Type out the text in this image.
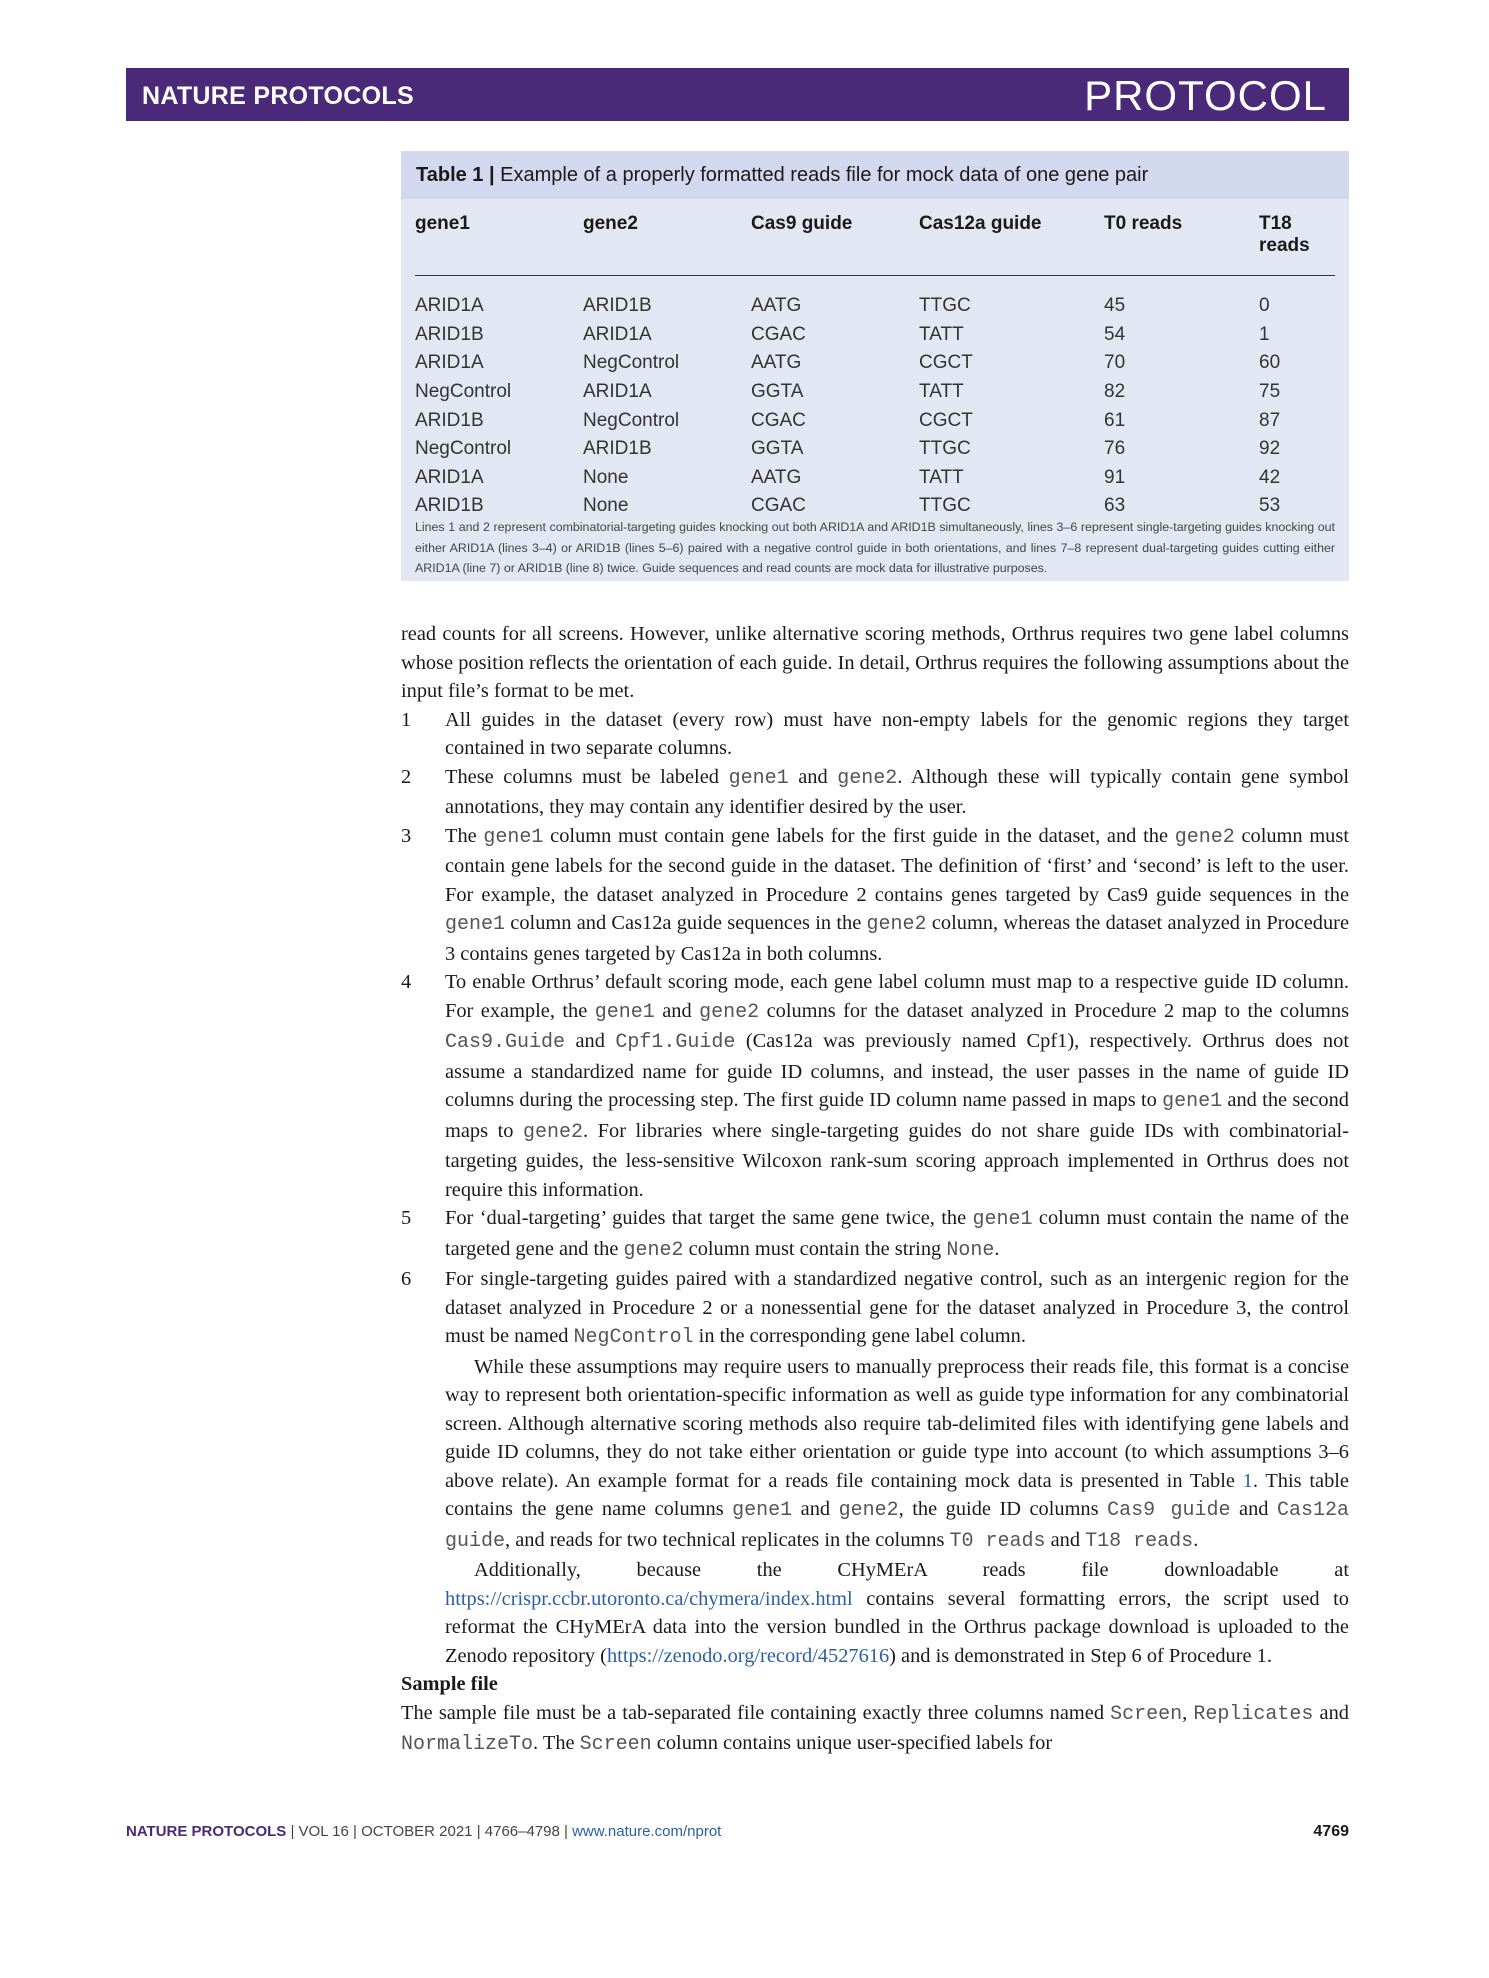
NATURE PROTOCOLS	PROTOCOL
Table 1 | Example of a properly formatted reads file for mock data of one gene pair
gene1	gene2	Cas9 guide	Cas12a guide	T0 reads	T18 reads
ARID1A	ARID1B	AATG	TTGC	45	0
ARID1B	ARID1A	CGAC	TATT	54	1
ARID1A	NegControl	AATG	CGCT	70	60
NegControl	ARID1A	GGTA	TATT	82	75
ARID1B	NegControl	CGAC	CGCT	61	87
NegControl	ARID1B	GGTA	TTGC	76	92
ARID1A	None	AATG	TATT	91	42
ARID1B	None	CGAC	TTGC	63	53
Lines 1 and 2 represent combinatorial-targeting guides knocking out both ARID1A and ARID1B simultaneously, lines 3–6 represent single-targeting guides knocking out either ARID1A (lines 3–4) or ARID1B (lines 5–6) paired with a negative control guide in both orientations, and lines 7–8 represent dual-targeting guides cutting either ARID1A (line 7) or ARID1B (line 8) twice. Guide sequences and read counts are mock data for illustrative purposes.

read counts for all screens. However, unlike alternative scoring methods, Orthrus requires two gene label columns whose position reflects the orientation of each guide. In detail, Orthrus requires the following assumptions about the input file’s format to be met.

1 All guides in the dataset (every row) must have non-empty labels for the genomic regions they target contained in two separate columns.
2 These columns must be labeled gene1 and gene2. Although these will typically contain gene symbol annotations, they may contain any identifier desired by the user.
3 The gene1 column must contain gene labels for the first guide in the dataset, and the gene2 column must contain gene labels for the second guide in the dataset. The definition of ‘first’ and ‘second’ is left to the user. For example, the dataset analyzed in Procedure 2 contains genes targeted by Cas9 guide sequences in the gene1 column and Cas12a guide sequences in the gene2 column, whereas the dataset analyzed in Procedure 3 contains genes targeted by Cas12a in both columns.
4 To enable Orthrus’ default scoring mode, each gene label column must map to a respective guide ID column. For example, the gene1 and gene2 columns for the dataset analyzed in Procedure 2 map to the columns Cas9.Guide and Cpf1.Guide (Cas12a was previously named Cpf1), respectively. Orthrus does not assume a standardized name for guide ID columns, and instead, the user passes in the name of guide ID columns during the processing step. The first guide ID column name passed in maps to gene1 and the second maps to gene2. For libraries where single-targeting guides do not share guide IDs with combinatorial-targeting guides, the less-sensitive Wilcoxon rank-sum scoring approach implemented in Orthrus does not require this information.
5 For ‘dual-targeting’ guides that target the same gene twice, the gene1 column must contain the name of the targeted gene and the gene2 column must contain the string None.
6 For single-targeting guides paired with a standardized negative control, such as an intergenic region for the dataset analyzed in Procedure 2 or a nonessential gene for the dataset analyzed in Procedure 3, the control must be named NegControl in the corresponding gene label column.

While these assumptions may require users to manually preprocess their reads file, this format is a concise way to represent both orientation-specific information as well as guide type information for any combinatorial screen. Although alternative scoring methods also require tab-delimited files with identifying gene labels and guide ID columns, they do not take either orientation or guide type into account (to which assumptions 3–6 above relate). An example format for a reads file containing mock data is presented in Table 1. This table contains the gene name columns gene1 and gene2, the guide ID columns Cas9 guide and Cas12a guide, and reads for two technical replicates in the columns T0 reads and T18 reads.

Additionally, because the CHyMErA reads file downloadable at https://crispr.ccbr.utoronto.ca/chymera/index.html contains several formatting errors, the script used to reformat the CHyMErA data into the version bundled in the Orthrus package download is uploaded to the Zenodo repository (https://zenodo.org/record/4527616) and is demonstrated in Step 6 of Procedure 1.

Sample file

The sample file must be a tab-separated file containing exactly three columns named Screen, Replicates and NormalizeTo. The Screen column contains unique user-specified labels for

NATURE PROTOCOLS | VOL 16 | OCTOBER 2021 | 4766–4798 | www.nature.com/nprot	4769
